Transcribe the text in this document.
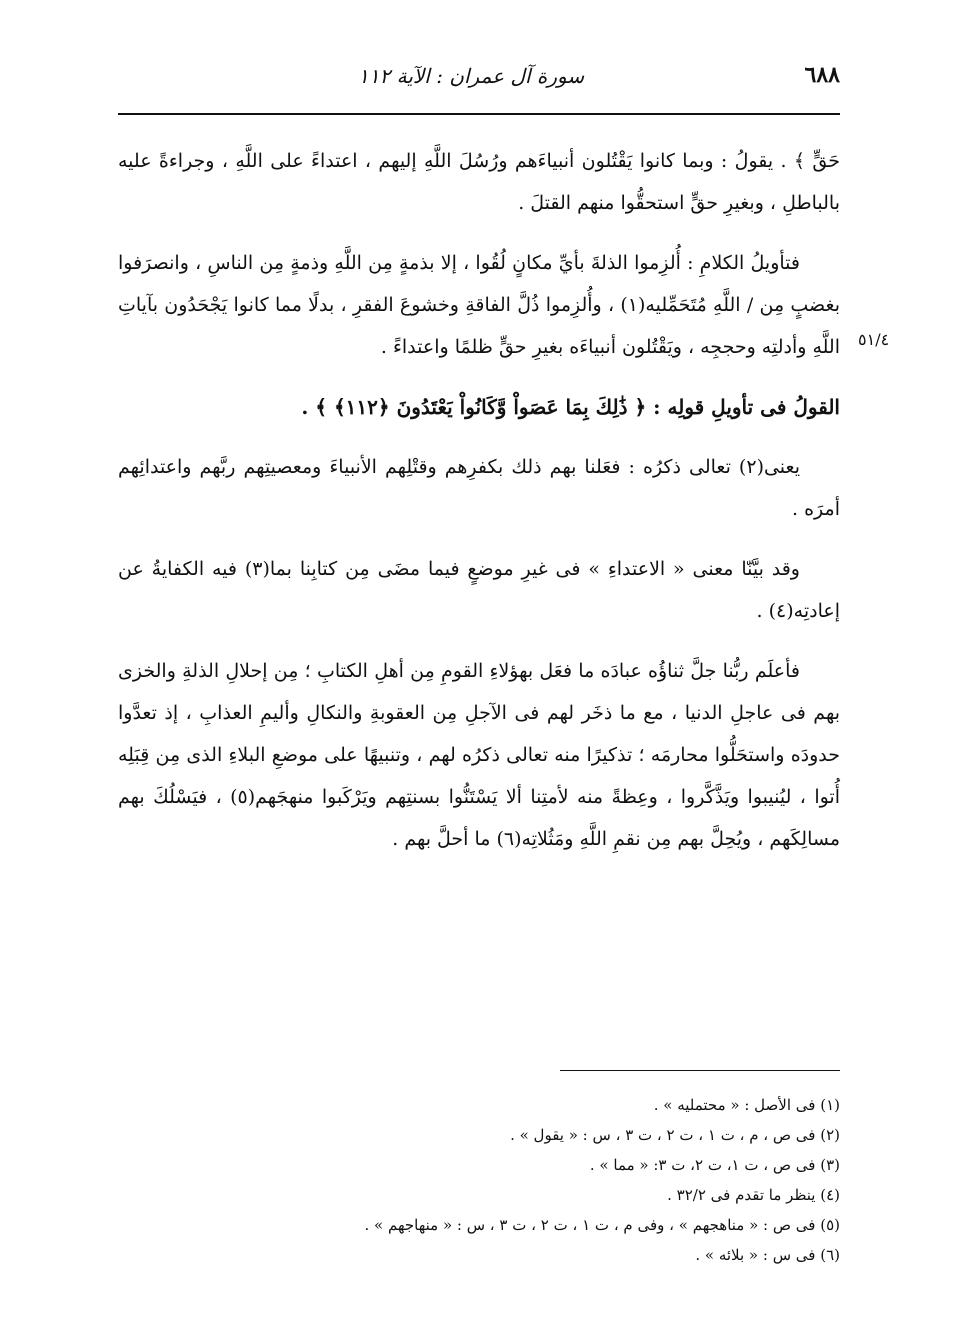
٦٨٨
سورة آل عمران : الآية ١١٢
٥١/٤

حَقٍّ ﴾ . يقولُ : وبما كانوا يَقْتُلون أنبياءَهم ورُسُلَ اللَّهِ إليهم ، اعتداءً على اللَّهِ ، وجراءةً عليه بالباطلِ ، وبغيرِ حقٍّ استحقُّوا منهم القتلَ .

فتأويلُ الكلامِ : أُلزِموا الذلةَ بأيِّ مكانٍ لُقُوا ، إلا بذمةٍ مِن اللَّهِ وذمةٍ مِن الناسِ ، وانصرَفوا بغضبٍ مِن / اللَّهِ مُتَحَمِّليه(١) ، وأُلزِموا ذُلَّ الفاقةِ وخشوعَ الفقرِ ، بدلًا مما كانوا يَجْحَدُون بآياتِ اللَّهِ وأدلتِه وحججِه ، ويَقْتُلون أنبياءَه بغيرِ حقٍّ ظلمًا واعتداءً .

القولُ فى تأويلِ قولِه : ﴿ ذَٰلِكَ بِمَا عَصَواْ وَّكَانُواْ يَعْتَدُونَ ﴿١١٢﴾ ﴾ .

يعنى(٢) تعالى ذكرُه : فعَلنا بهم ذلك بكفرِهم وقتْلِهم الأنبياءَ ومعصيتِهم ربَّهم واعتدائِهم أمرَه .

وقد بيَّنّا معنى « الاعتداءِ » فى غيرِ موضعٍ فيما مضَى مِن كتابِنا بما(٣) فيه الكفايةُ عن إعادتِه(٤) .

فأعلَم ربُّنا جلَّ ثناؤُه عبادَه ما فعَل بهؤلاءِ القومِ مِن أهلِ الكتابِ ؛ مِن إحلالِ الذلةِ والخزى بهم فى عاجلِ الدنيا ، مع ما ذخَر لهم فى الآجلِ مِن العقوبةِ والنكالِ وأليمِ العذابِ ، إذ تعدَّوا حدودَه واستحَلُّوا محارمَه ؛ تذكيرًا منه تعالى ذكرُه لهم ، وتنبيهًا على موضعِ البلاءِ الذى مِن قِبَلِه أُتوا ، ليُنيبوا ويَذَّكَّروا ، وعِظةً منه لأمتِنا ألا يَسْتَنُّوا بسنتِهم ويَرْكَبوا منهجَهم(٥) ، فيَسْلُكَ بهم مسالِكَهم ، ويُحِلَّ بهم مِن نقمِ اللَّهِ ومَثُلاتِه(٦) ما أحلَّ بهم .

(١) فى الأصل : « محتمليه » .
(٢) فى ص ، م ، ت ١ ، ت ٢ ، ت ٣ ، س : « يقول » .
(٣) فى ص ، ت ١، ت ٢، ت ٣: « مما » .
(٤) ينظر ما تقدم فى ٣٢/٢ .
(٥) فى ص : « مناهجهم » ، وفى م ، ت ١ ، ت ٢ ، ت ٣ ، س : « منهاجهم » .
(٦) فى س : « بلائه » .
